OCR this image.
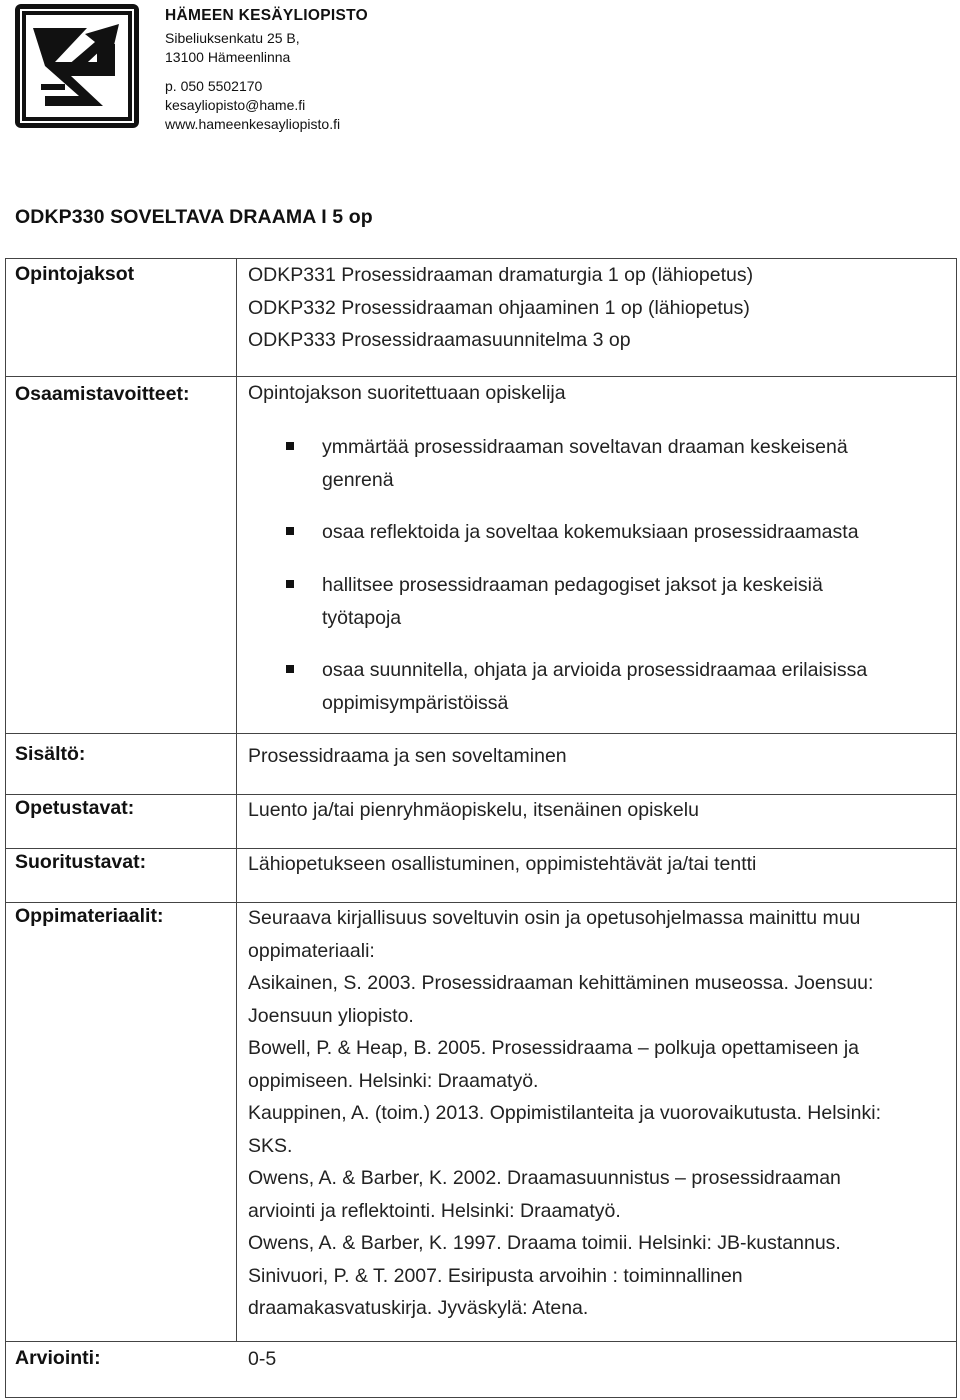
HÄMEEN KESÄYLIOPISTO
Sibeliuksenkatu 25 B,
13100 Hämeenlinna
p. 050 5502170
kesayliopisto@hame.fi
www.hameenkesayliopisto.fi
ODKP330 SOVELTAVA DRAAMA I 5 op
Opintojaksot	ODKP331 Prosessidraaman dramaturgia 1 op (lähiopetus)
ODKP332 Prosessidraaman ohjaaminen 1 op (lähiopetus)
ODKP333 Prosessidraamasuunnitelma 3 op
Osaamistavoitteet:	Opintojakson suoritettuaan opiskelija
ymmärtää prosessidraaman soveltavan draaman keskeisenä
genrenä
osaa reflektoida ja soveltaa kokemuksiaan prosessidraamasta
hallitsee prosessidraaman pedagogiset jaksot ja keskeisiä
työtapoja
osaa suunnitella, ohjata ja arvioida prosessidraamaa erilaisissa
oppimisympäristöissä
Sisältö:	Prosessidraama ja sen soveltaminen
Opetustavat:	Luento ja/tai pienryhmäopiskelu, itsenäinen opiskelu
Suoritustavat:	Lähiopetukseen osallistuminen, oppimistehtävät ja/tai tentti
Oppimateriaalit:	Seuraava kirjallisuus soveltuvin osin ja opetusohjelmassa mainittu muu
oppimateriaali:
Asikainen, S. 2003. Prosessidraaman kehittäminen museossa. Joensuu:
Joensuun yliopisto.
Bowell, P. & Heap, B. 2005. Prosessidraama – polkuja opettamiseen ja
oppimiseen. Helsinki: Draamatyö.
Kauppinen, A. (toim.) 2013. Oppimistilanteita ja vuorovaikutusta. Helsinki:
SKS.
Owens, A. & Barber, K. 2002. Draamasuunnistus – prosessidraaman
arviointi ja reflektointi. Helsinki: Draamatyö.
Owens, A. & Barber, K. 1997. Draama toimii. Helsinki: JB-kustannus.
Sinivuori, P. & T. 2007. Esiripusta arvoihin : toiminnallinen
draamakasvatuskirja. Jyväskylä: Atena.
Arviointi:	0-5
